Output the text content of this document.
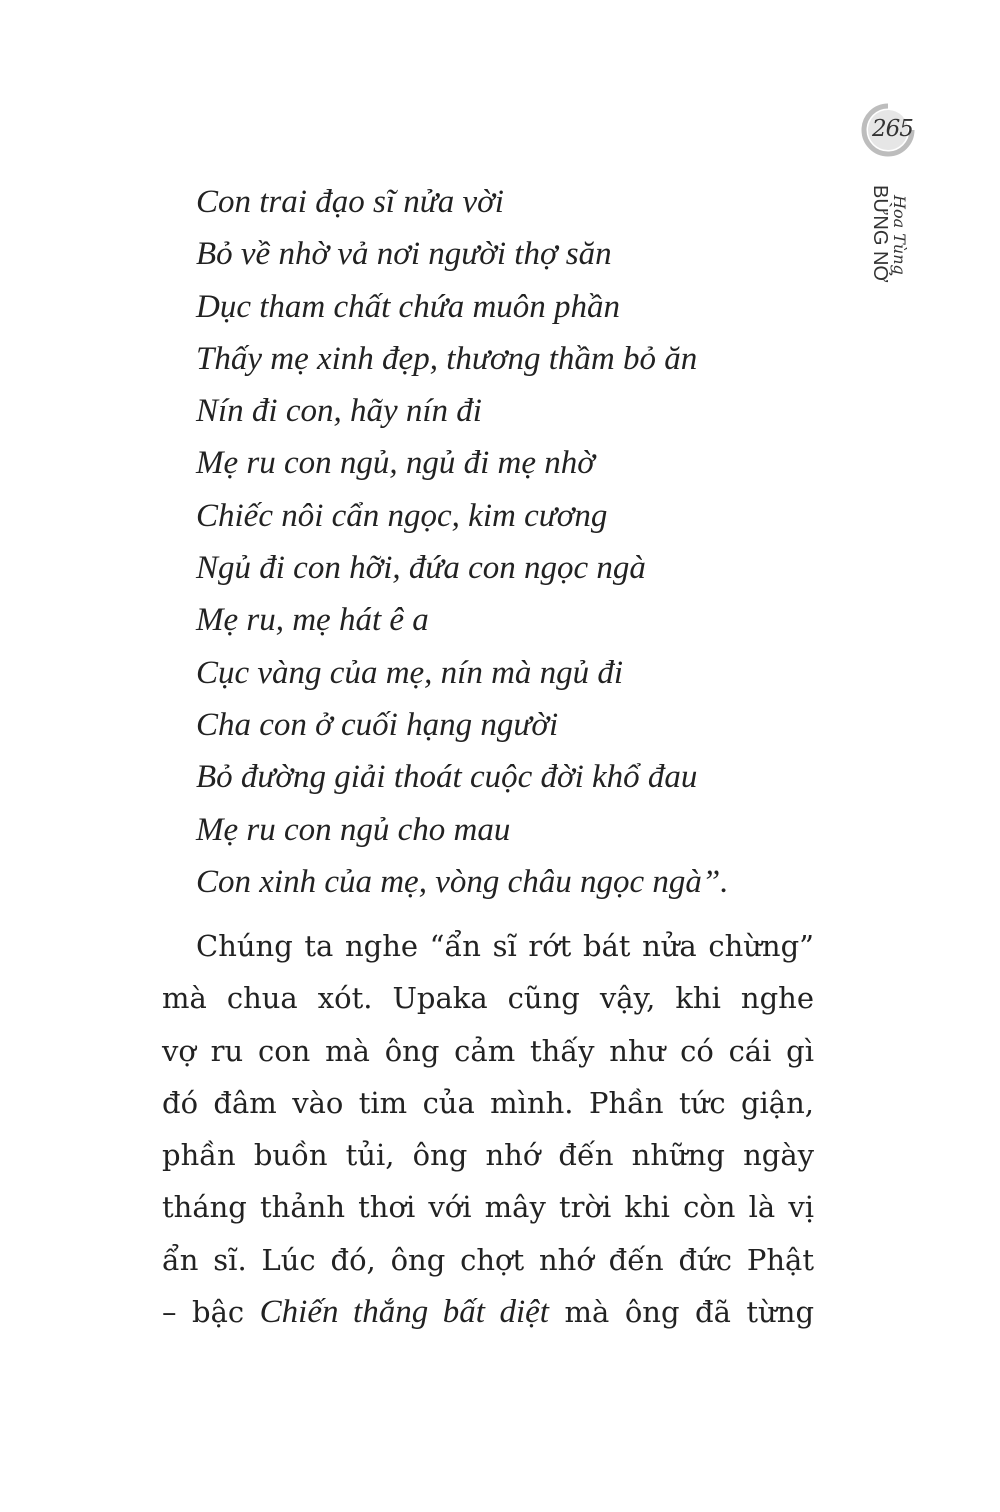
265
BỪNG NỞ Hoa Tùng
Con trai đạo sĩ nửa vời
Bỏ về nhờ vả nơi người thợ săn
Dục tham chất chứa muôn phần
Thấy mẹ xinh đẹp, thương thầm bỏ ăn
Nín đi con, hãy nín đi
Mẹ ru con ngủ, ngủ đi mẹ nhờ
Chiếc nôi cẩn ngọc, kim cương
Ngủ đi con hỡi, đứa con ngọc ngà
Mẹ ru, mẹ hát ê a
Cục vàng của mẹ, nín mà ngủ đi
Cha con ở cuối hạng người
Bỏ đường giải thoát cuộc đời khổ đau
Mẹ ru con ngủ cho mau
Con xinh của mẹ, vòng châu ngọc ngà”.
Chúng ta nghe “ẩn sĩ rớt bát nửa chừng”
mà chua xót. Upaka cũng vậy, khi nghe
vợ ru con mà ông cảm thấy như có cái gì
đó đâm vào tim của mình. Phần tức giận,
phần buồn tủi, ông nhớ đến những ngày
tháng thảnh thơi với mây trời khi còn là vị
ẩn sĩ. Lúc đó, ông chợt nhớ đến đức Phật
– bậc Chiến thắng bất diệt mà ông đã từng
